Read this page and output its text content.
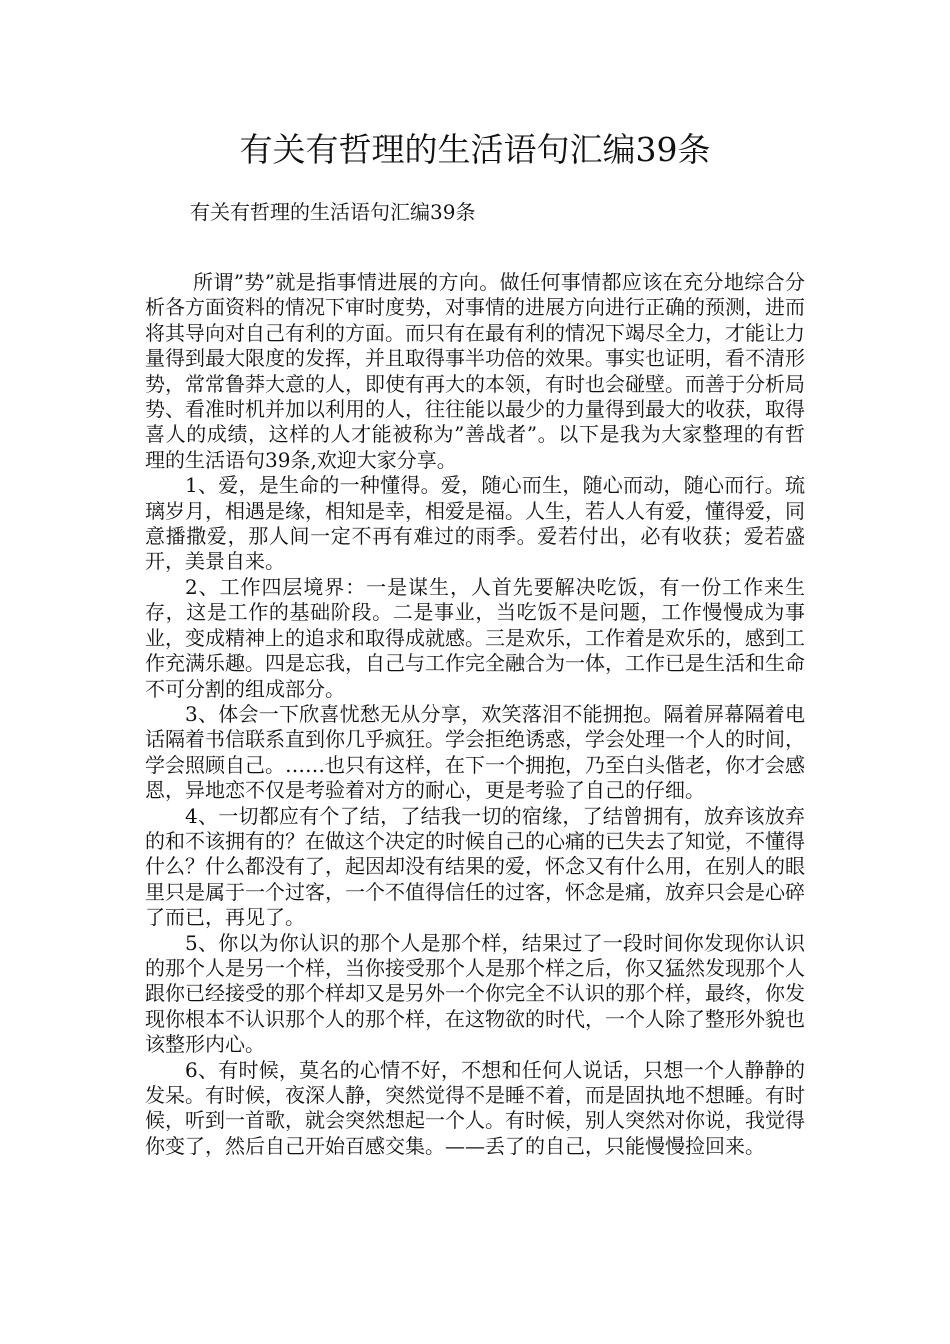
有关有哲理的生活语句汇编39条

有关有哲理的生活语句汇编39条

所谓”势”就是指事情进展的方向。做任何事情都应该在充分地综合分析各方面资料的情况下审时度势，对事情的进展方向进行正确的预测，进而将其导向对自己有利的方面。而只有在最有利的情况下竭尽全力，才能让力量得到最大限度的发挥，并且取得事半功倍的效果。事实也证明，看不清形势，常常鲁莽大意的人，即使有再大的本领，有时也会碰壁。而善于分析局势、看准时机并加以利用的人，往往能以最少的力量得到最大的收获，取得喜人的成绩，这样的人才能被称为”善战者”。以下是我为大家整理的有哲理的生活语句39条,欢迎大家分享。

1、爱，是生命的一种懂得。爱，随心而生，随心而动，随心而行。琉璃岁月，相遇是缘，相知是幸，相爱是福。人生，若人人有爱，懂得爱，同意播撒爱，那人间一定不再有难过的雨季。爱若付出，必有收获；爱若盛开，美景自来。

2、工作四层境界：一是谋生，人首先要解决吃饭，有一份工作来生存，这是工作的基础阶段。二是事业，当吃饭不是问题，工作慢慢成为事业，变成精神上的追求和取得成就感。三是欢乐，工作着是欢乐的，感到工作充满乐趣。四是忘我，自己与工作完全融合为一体，工作已是生活和生命不可分割的组成部分。

3、体会一下欣喜忧愁无从分享，欢笑落泪不能拥抱。隔着屏幕隔着电话隔着书信联系直到你几乎疯狂。学会拒绝诱惑，学会处理一个人的时间，学会照顾自己。……也只有这样，在下一个拥抱，乃至白头偕老，你才会感恩，异地恋不仅是考验着对方的耐心，更是考验了自己的仔细。

4、一切都应有个了结，了结我一切的宿缘，了结曾拥有，放弃该放弃的和不该拥有的？在做这个决定的时候自己的心痛的已失去了知觉，不懂得什么？什么都没有了，起因却没有结果的爱，怀念又有什么用，在别人的眼里只是属于一个过客，一个不值得信任的过客，怀念是痛，放弃只会是心碎了而已，再见了。

5、你以为你认识的那个人是那个样，结果过了一段时间你发现你认识的那个人是另一个样，当你接受那个人是那个样之后，你又猛然发现那个人跟你已经接受的那个样却又是另外一个你完全不认识的那个样，最终，你发现你根本不认识那个人的那个样，在这物欲的时代，一个人除了整形外貌也该整形内心。

6、有时候，莫名的心情不好，不想和任何人说话，只想一个人静静的发呆。有时候，夜深人静，突然觉得不是睡不着，而是固执地不想睡。有时候，听到一首歌，就会突然想起一个人。有时候，别人突然对你说，我觉得你变了，然后自己开始百感交集。——丢了的自己，只能慢慢捡回来。
